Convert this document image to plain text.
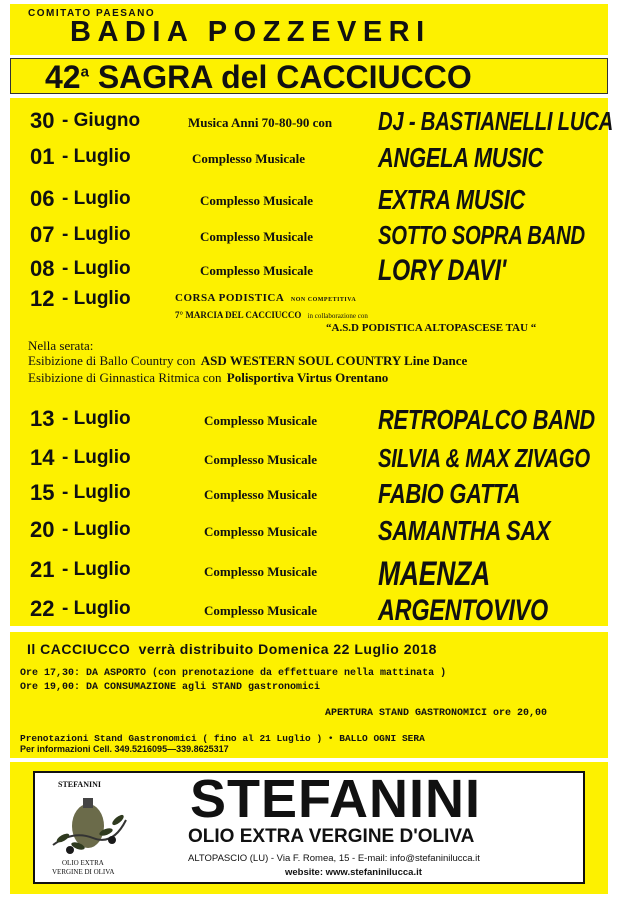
COMITATO PAESANO
BADIA POZZEVERI
42$^a$ SAGRA del CACCIUCCO
30 - Giugno	Musica Anni 70-80-90 con DJ - BASTIANELLI LUCA
01 - Luglio	Complesso Musicale	ANGELA MUSIC
06 - Luglio	Complesso Musicale EXTRA MUSIC
07 - Luglio	Complesso Musicale SOTTO SOPRA BAND
08 - Luglio	Complesso Musicale LORY DAVI'
12 - Luglio	CORSA PODISTICA NON COMPETITIVA
7° MARCIA DEL CACCIUCCO in collaborazione con
“A.S.D PODISTICA ALTOPASCESE TAU “
Nella serata:
Esibizione di Ballo Country con ASD WESTERN SOUL COUNTRY Line Dance
Esibizione di Ginnastica Ritmica con Polisportiva Virtus Orentano
13 - Luglio	Complesso Musicale RETROPALCO BAND
14 - Luglio	Complesso Musicale SILVIA & MAX ZIVAGO
15 - Luglio	Complesso Musicale FABIO GATTA
20 - Luglio	Complesso Musicale SAMANTHA SAX
21 - Luglio	Complesso Musicale MAENZA
22 - Luglio	Complesso Musicale ARGENTOVIVO
Il CACCIUCCO verrà distribuito Domenica 22 Luglio 2018
Ore 17,30: DA ASPORTO (con prenotazione da effettuare nella mattinata )
Ore 19,00: DA CONSUMAZIONE agli STAND gastronomici
APERTURA STAND GASTRONOMICI ore 20,00
Prenotazioni Stand Gastronomici ( fino al 21 Luglio ) • BALLO OGNI SERA
Per informazioni Cell. 349.5216095—339.8625317
STEFANINI
OLIO EXTRA
VERGINE DI OLIVA
STEFANINI
OLIO EXTRA VERGINE D'OLIVA
ALTOPASCIO (LU) - Via F. Romea, 15 - E-mail: info@stefaninilucca.it
website: www.stefaninilucca.it
